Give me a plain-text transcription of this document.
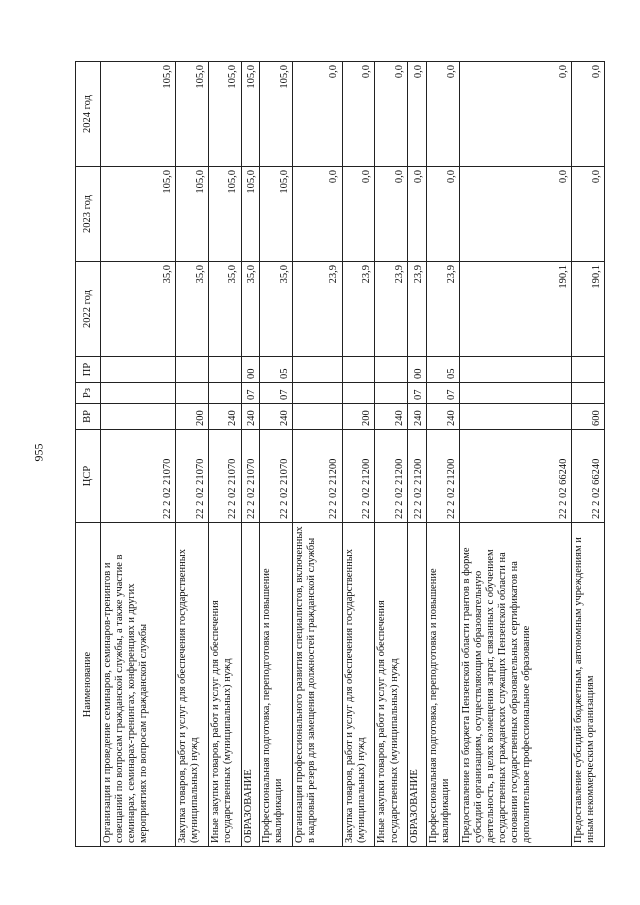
955
Наименование	ЦСР	ВР	Рз	ПР	2022 год	2023 год	2024 год
Организация и проведение семинаров, семинаров-тренингов и совещаний по вопросам гражданской службы, а также участие в семинарах, семинарах-тренингах, конференциях и других мероприятиях по вопросам гражданской службы	22 2 02 21070				35,0	105,0	105,0
Закупка товаров, работ и услуг для обеспечения государственных (муниципальных) нужд	22 2 02 21070	200			35,0	105,0	105,0
Иные закупки товаров, работ и услуг для обеспечения государственных (муниципальных) нужд	22 2 02 21070	240			35,0	105,0	105,0
ОБРАЗОВАНИЕ	22 2 02 21070	240	07	00	35,0	105,0	105,0
Профессиональная подготовка, переподготовка и повышение квалификации	22 2 02 21070	240	07	05	35,0	105,0	105,0
Организация профессионального развития специалистов, включенных в кадровый резерв для замещения должностей гражданской службы	22 2 02 21200				23,9	0,0	0,0
Закупка товаров, работ и услуг для обеспечения государственных (муниципальных) нужд	22 2 02 21200	200			23,9	0,0	0,0
Иные закупки товаров, работ и услуг для обеспечения государственных (муниципальных) нужд	22 2 02 21200	240			23,9	0,0	0,0
ОБРАЗОВАНИЕ	22 2 02 21200	240	07	00	23,9	0,0	0,0
Профессиональная подготовка, переподготовка и повышение квалификации	22 2 02 21200	240	07	05	23,9	0,0	0,0
Предоставление из бюджета Пензенской области грантов в форме субсидий организациям, осуществляющим образовательную деятельность, в целях возмещения затрат, связанных с обучением государственных гражданских служащих Пензенской области на основании государственных образовательных сертификатов на дополнительное профессиональное образование	22 2 02 66240				190,1	0,0	0,0
Предоставление субсидий бюджетным, автономным учреждениям и иным некоммерческим организациям	22 2 02 66240	600			190,1	0,0	0,0
